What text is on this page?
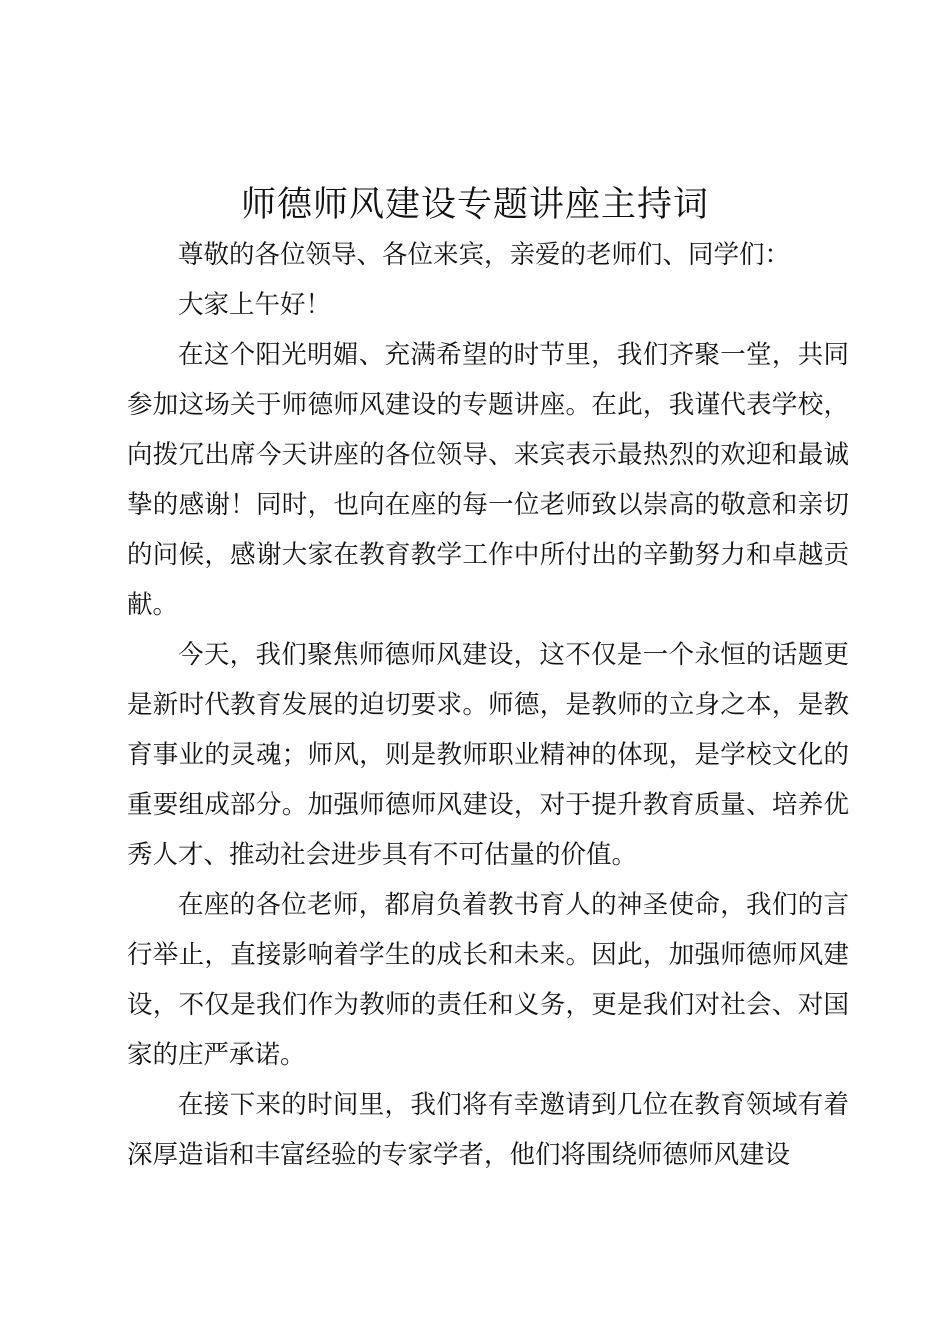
师德师风建设专题讲座主持词

尊敬的各位领导、各位来宾，亲爱的老师们、同学们：

大家上午好！

在这个阳光明媚、充满希望的时节里，我们齐聚一堂，共同参加这场关于师德师风建设的专题讲座。在此，我谨代表学校，向拨冗出席今天讲座的各位领导、来宾表示最热烈的欢迎和最诚挚的感谢！同时，也向在座的每一位老师致以崇高的敬意和亲切的问候，感谢大家在教育教学工作中所付出的辛勤努力和卓越贡献。

今天，我们聚焦师德师风建设，这不仅是一个永恒的话题更是新时代教育发展的迫切要求。师德，是教师的立身之本，是教育事业的灵魂；师风，则是教师职业精神的体现，是学校文化的重要组成部分。加强师德师风建设，对于提升教育质量、培养优秀人才、推动社会进步具有不可估量的价值。

在座的各位老师，都肩负着教书育人的神圣使命，我们的言行举止，直接影响着学生的成长和未来。因此，加强师德师风建设，不仅是我们作为教师的责任和义务，更是我们对社会、对国家的庄严承诺。

在接下来的时间里，我们将有幸邀请到几位在教育领域有着深厚造诣和丰富经验的专家学者，他们将围绕师德师风建设
